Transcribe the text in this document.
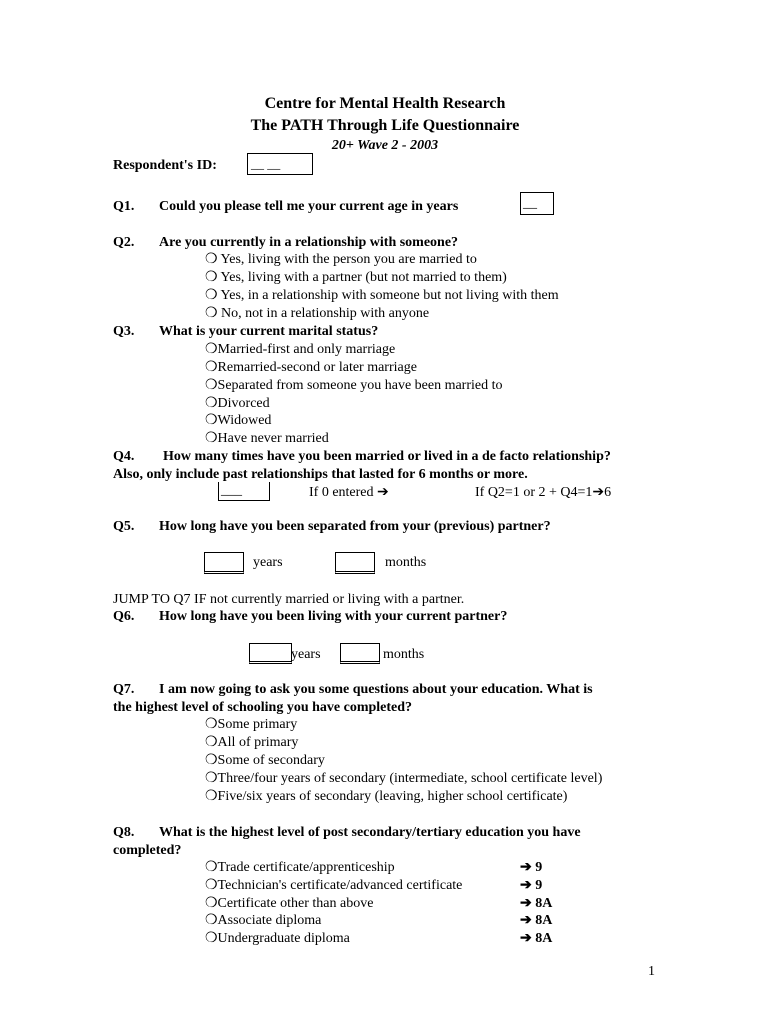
Centre for Mental Health Research
The PATH Through Life Questionnaire
20+ Wave 2 - 2003
Respondent's ID:	__ __
Q1. Could you please tell me your current age in years	__
Q2. Are you currently in a relationship with someone?
❍ Yes, living with the person you are married to
❍ Yes, living with a partner (but not married to them)
❍ Yes, in a relationship with someone but not living with them
❍ No, not in a relationship with anyone
Q3. What is your current marital status?
❍Married-first and only marriage
❍Remarried-second or later marriage
❍Separated from someone you have been married to
❍Divorced
❍Widowed
❍Have never married
Q4. How many times have you been married or lived in a de facto relationship?
Also, only include past relationships that lasted for 6 months or more.
___	If 0 entered ➔	If Q2=1 or 2 + Q4=1➔6
Q5. How long have you been separated from your (previous) partner?
years	months
JUMP TO Q7 IF not currently married or living with a partner.
Q6. How long have you been living with your current partner?
years	months
Q7. I am now going to ask you some questions about your education. What is
the highest level of schooling you have completed?
❍Some primary
❍All of primary
❍Some of secondary
❍Three/four years of secondary (intermediate, school certificate level)
❍Five/six years of secondary (leaving, higher school certificate)
Q8. What is the highest level of post secondary/tertiary education you have
completed?
❍Trade certificate/apprenticeship	➔ 9
❍Technician's certificate/advanced certificate	➔ 9
❍Certificate other than above	➔ 8A
❍Associate diploma	➔ 8A
❍Undergraduate diploma	➔ 8A
1
